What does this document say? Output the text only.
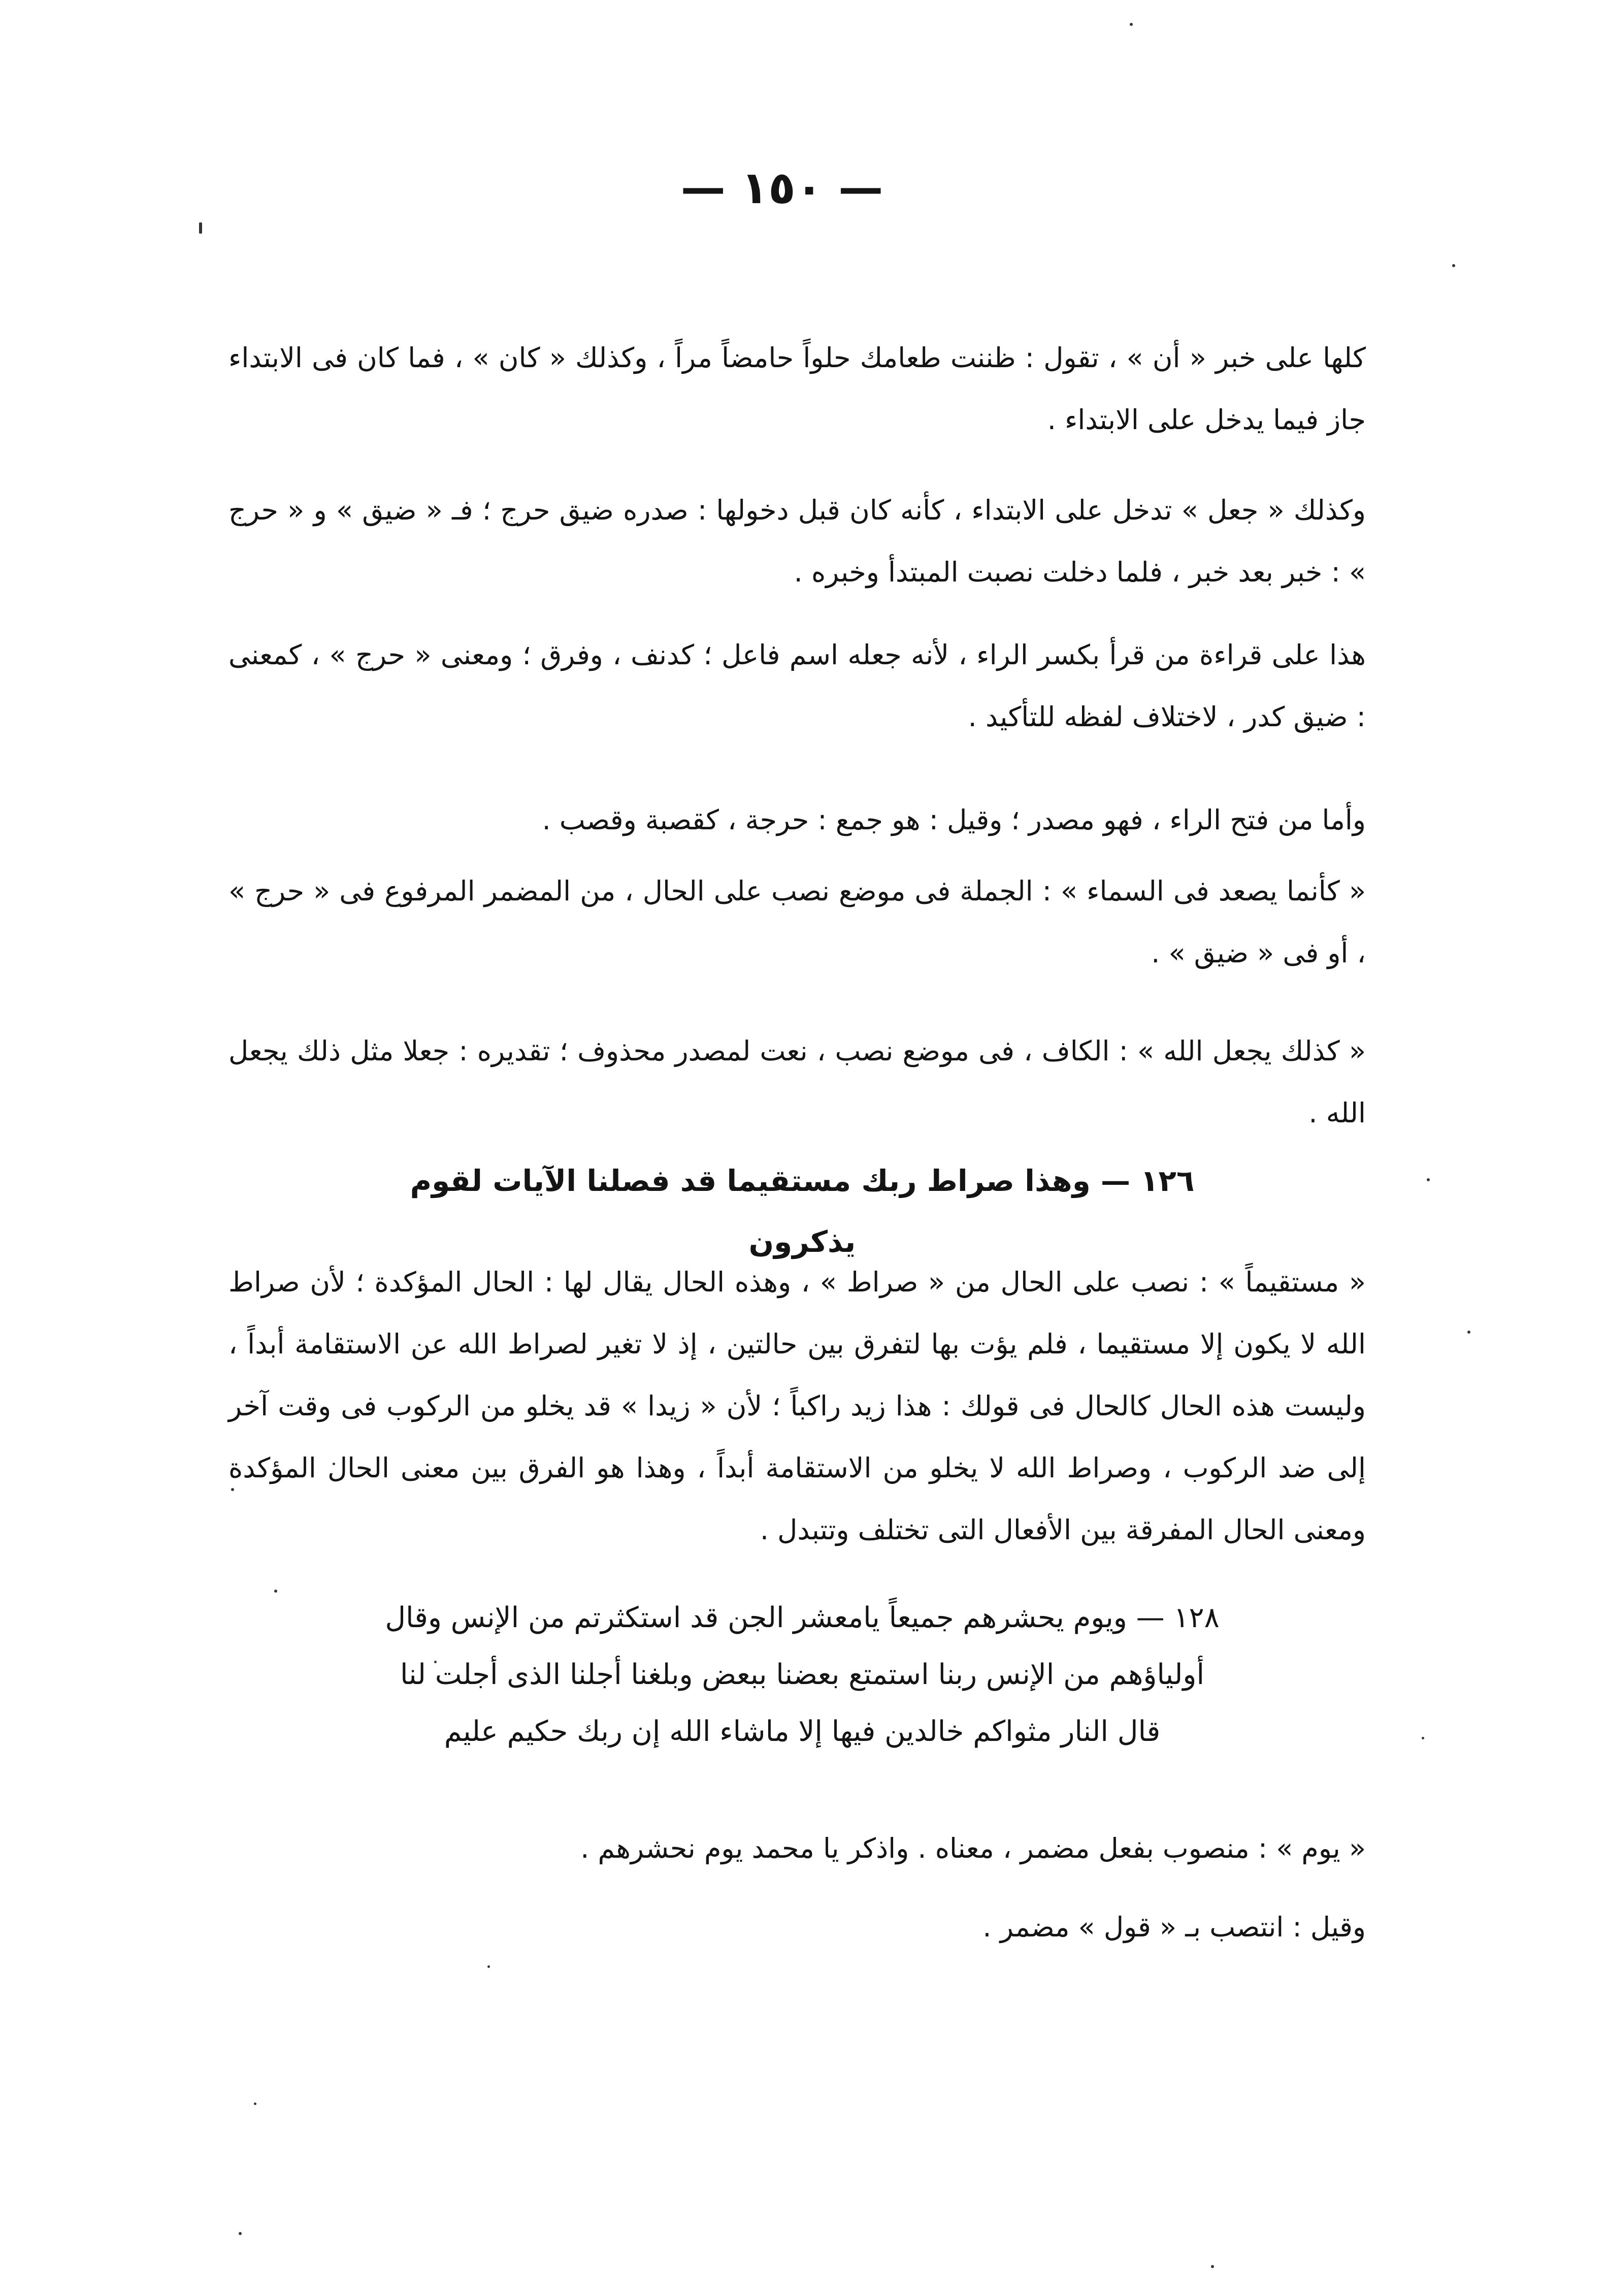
— ١٥٠ —

كلها على خبر « أن » ، تقول : ظننت طعامك حلواً حامضاً مراً ، وكذلك « كان » ، فما كان فى الابتداء جاز فيما يدخل على الابتداء .

وكذلك « جعل » تدخل على الابتداء ، كأنه كان قبل دخولها : صدره ضيق حرج ؛ فـ « ضيق » و « حرج » : خبر بعد خبر ، فلما دخلت نصبت المبتدأ وخبره .

هذا على قراءة من قرأ بكسر الراء ، لأنه جعله اسم فاعل ؛ كدنف ، وفرق ؛ ومعنى « حرج » ، كمعنى : ضيق كدر ، لاختلاف لفظه للتأكيد .

وأما من فتح الراء ، فهو مصدر ؛ وقيل : هو جمع : حرجة ، كقصبة وقصب .

« كأنما يصعد فى السماء » : الجملة فى موضع نصب على الحال ، من المضمر المرفوع فى « حرج » ، أو فى « ضيق » .

« كذلك يجعل الله » : الكاف ، فى موضع نصب ، نعت لمصدر محذوف ؛ تقديره : جعلا مثل ذلك يجعل الله .

١٢٦ — وهذا صراط ربك مستقيما قد فصلنا الآيات لقوم يذكرون

« مستقيماً » : نصب على الحال من « صراط » ، وهذه الحال يقال لها : الحال المؤكدة ؛ لأن صراط الله لا يكون إلا مستقيما ، فلم يؤت بها لتفرق بين حالتين ، إذ لا تغير لصراط الله عن الاستقامة أبداً ، وليست هذه الحال كالحال فى قولك : هذا زيد راكباً ؛ لأن « زيدا » قد يخلو من الركوب فى وقت آخر إلى ضد الركوب ، وصراط الله لا يخلو من الاستقامة أبداً ، وهذا هو الفرق بين معنى الحال المؤكدة ومعنى الحال المفرقة بين الأفعال التى تختلف وتتبدل .

١٢٨ — ويوم يحشرهم جميعاً يامعشر الجن قد استكثرتم من الإنس وقال
أولياؤهم من الإنس ربنا استمتع بعضنا ببعض وبلغنا أجلنا الذى أجلت لنا
قال النار مثواكم خالدين فيها إلا ماشاء الله إن ربك حكيم عليم

« يوم » : منصوب بفعل مضمر ، معناه . واذكر يا محمد يوم نحشرهم .

وقيل : انتصب بـ « قول » مضمر .
